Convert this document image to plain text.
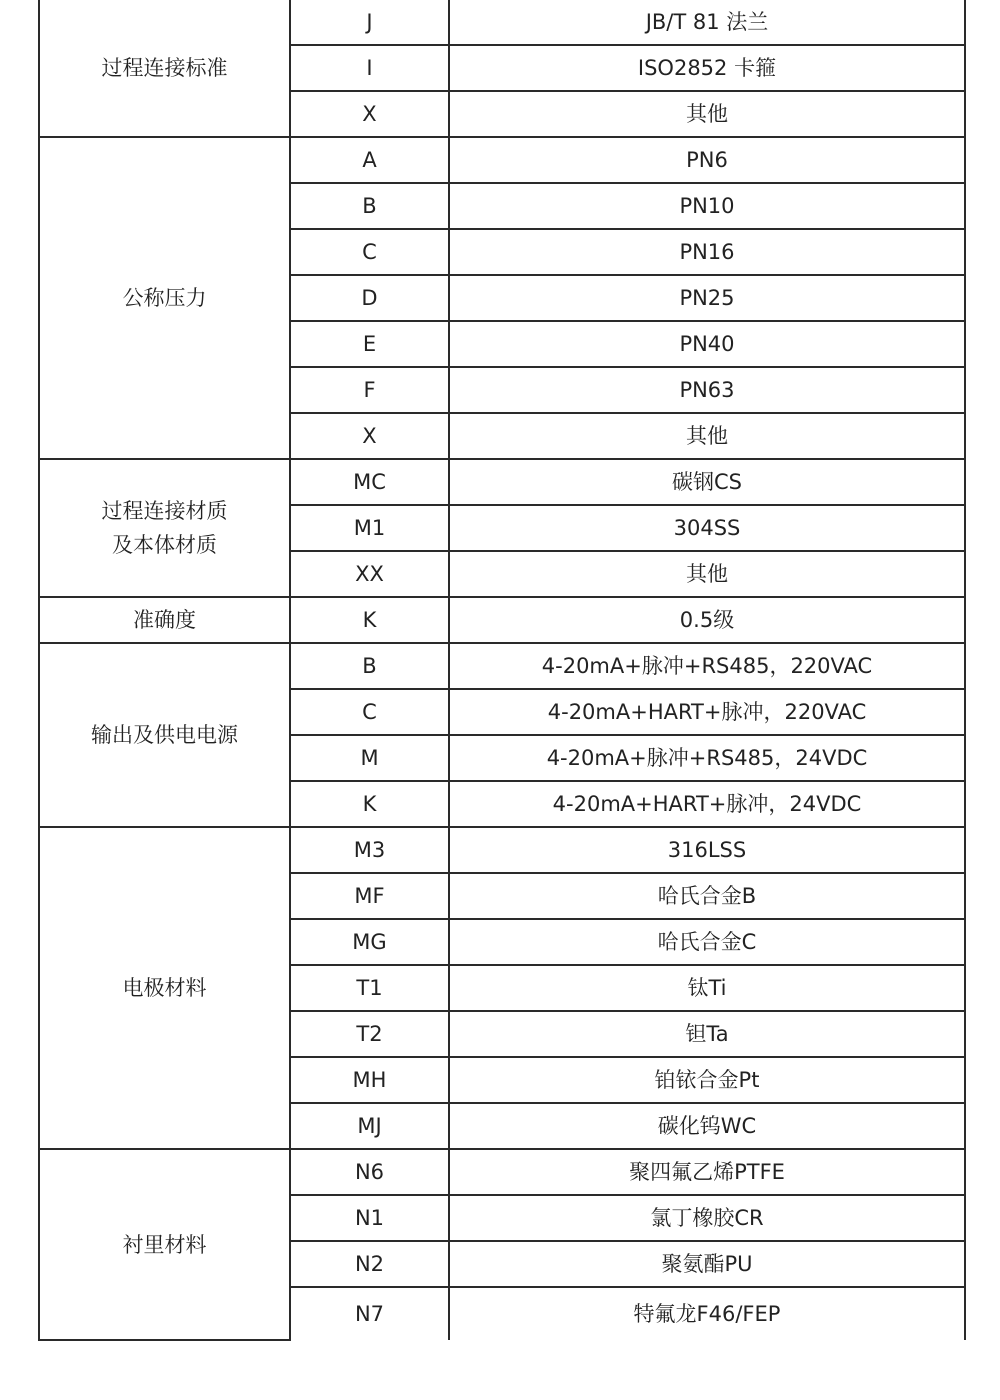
过程连接标准	J	JB/T 81 法兰
	I	ISO2852 卡箍
	X	其他

公称压力	A	PN6
	B	PN10
	C	PN16
	D	PN25
	E	PN40
	F	PN63
	X	其他

过程连接材质
及本体材质	MC	碳钢CS
	M1	304SS
	XX	其他

准确度	K	0.5级

输出及供电电源	B	4-20mA+脉冲+RS485，220VAC
	C	4-20mA+HART+脉冲，220VAC
	M	4-20mA+脉冲+RS485，24VDC
	K	4-20mA+HART+脉冲，24VDC

电极材料	M3	316LSS
	MF	哈氏合金B
	MG	哈氏合金C
	T1	钛Ti
	T2	钽Ta
	MH	铂铱合金Pt
	MJ	碳化钨WC

衬里材料	N6	聚四氟乙烯PTFE
	N1	氯丁橡胶CR
	N2	聚氨酯PU
	N7	特氟龙F46/FEP
